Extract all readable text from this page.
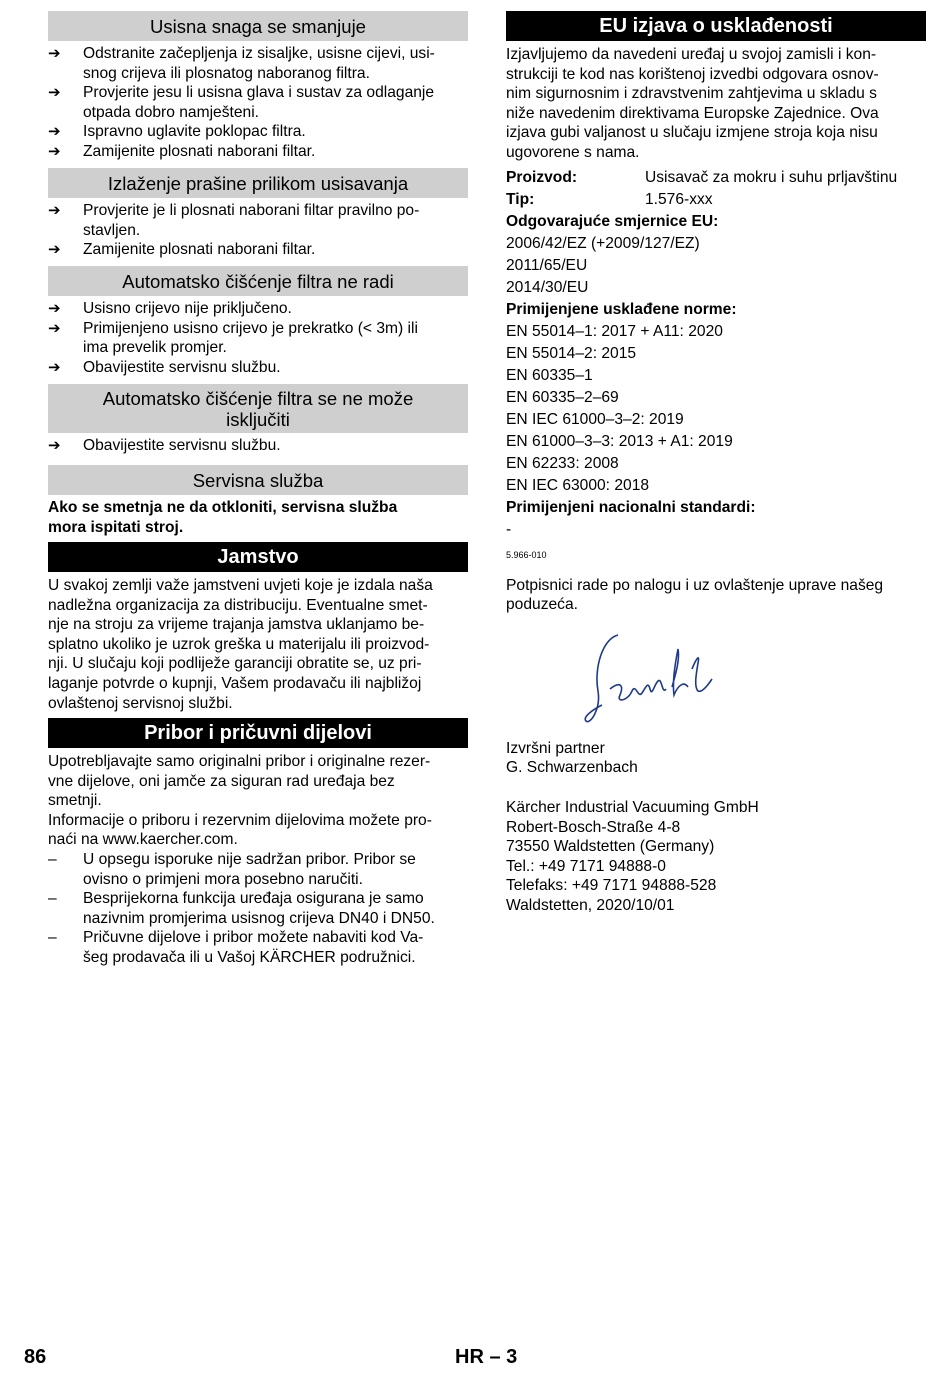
Usisna snaga se smanjuje
➔	Odstranite začepljenja iz sisaljke, usisne cijevi, usi-
snog crijeva ili plosnatog naboranog filtra.
➔	Provjerite jesu li usisna glava i sustav za odlaganje
otpada dobro namješteni.
➔	Ispravno uglavite poklopac filtra.
➔	Zamijenite plosnati naborani filtar.
Izlaženje prašine prilikom usisavanja
➔	Provjerite je li plosnati naborani filtar pravilno po-
stavljen.
➔	Zamijenite plosnati naborani filtar.
Automatsko čišćenje filtra ne radi
➔	Usisno crijevo nije priključeno.
➔	Primijenjeno usisno crijevo je prekratko (< 3m) ili
ima prevelik promjer.
➔	Obavijestite servisnu službu.
Automatsko čišćenje filtra se ne može
isključiti
➔	Obavijestite servisnu službu.
Servisna služba

Ako se smetnja ne da otkloniti, servisna služba
mora ispitati stroj.

Jamstvo

U svakoj zemlji važe jamstveni uvjeti koje je izdala naša
nadležna organizacija za distribuciju. Eventualne smet-
nje na stroju za vrijeme trajanja jamstva uklanjamo be-
splatno ukoliko je uzrok greška u materijalu ili proizvod-
nji. U slučaju koji podliježe garanciji obratite se, uz pri-
laganje potvrde o kupnji, Vašem prodavaču ili najbližoj
ovlaštenoj servisnoj službi.

Pribor i pričuvni dijelovi

Upotrebljavajte samo originalni pribor i originalne rezer-
vne dijelove, oni jamče za siguran rad uređaja bez
smetnji.
Informacije o priboru i rezervnim dijelovima možete pro-
naći na www.kaercher.com.

– U opsegu isporuke nije sadržan pribor. Pribor se
ovisno o primjeni mora posebno naručiti.
– Besprijekorna funkcija uređaja osigurana je samo
nazivnim promjerima usisnog crijeva DN40 i DN50.
– Pričuvne dijelove i pribor možete nabaviti kod Va-
šeg prodavača ili u Vašoj KÄRCHER podružnici.
EU izjava o usklađenosti

Izjavljujemo da navedeni uređaj u svojoj zamisli i kon-
strukciji te kod nas korištenoj izvedbi odgovara osnov-
nim sigurnosnim i zdravstvenim zahtjevima u skladu s
niže navedenim direktivama Europske Zajednice. Ova
izjava gubi valjanost u slučaju izmjene stroja koja nisu
ugovorene s nama.

Proizvod:	Usisavač za mokru i suhu prljavštinu
Tip:	1.576-xxx
Odgovarajuće smjernice EU:
2006/42/EZ (+2009/127/EZ)
2011/65/EU
2014/30/EU
Primijenjene usklađene norme:
EN 55014–1: 2017 + A11: 2020
EN 55014–2: 2015
EN 60335–1
EN 60335–2–69
EN IEC 61000–3–2: 2019
EN 61000–3–3: 2013 + A1: 2019
EN 62233: 2008
EN IEC 63000: 2018
Primijenjeni nacionalni standardi:
-
5.966-010

Potpisnici rade po nalogu i uz ovlaštenje uprave našeg
poduzeća.

Izvršni partner
G. Schwarzenbach

Kärcher Industrial Vacuuming GmbH
Robert-Bosch-Straße 4-8
73550 Waldstetten (Germany)
Tel.: +49 7171 94888-0
Telefaks: +49 7171 94888-528
Waldstetten, 2020/10/01

86	HR – 3
